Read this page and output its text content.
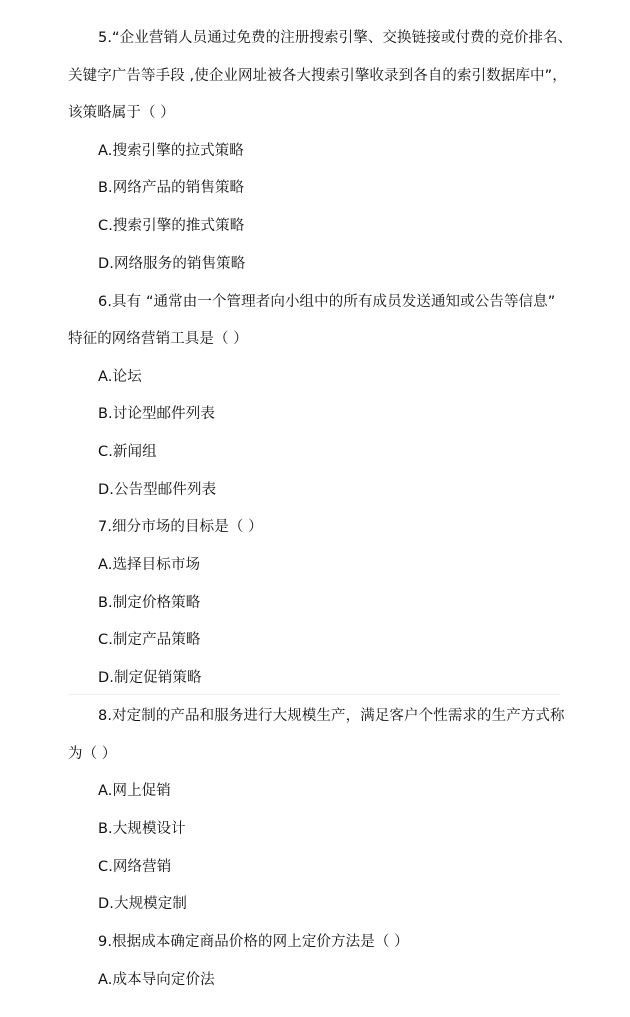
5.“企业营销人员通过免费的注册搜索引擎、交换链接或付费的竞价排名、
关键字广告等手段 ,使企业网址被各大搜索引擎收录到各自的索引数据库中”，
该策略属于（ ）
A.搜索引擎的拉式策略
B.网络产品的销售策略
C.搜索引擎的推式策略
D.网络服务的销售策略
6.具有 “通常由一个管理者向小组中的所有成员发送通知或公告等信息”
特征的网络营销工具是（ ）
A.论坛
B.讨论型邮件列表
C.新闻组
D.公告型邮件列表
7.细分市场的目标是（ ）
A.选择目标市场
B.制定价格策略
C.制定产品策略
D.制定促销策略
8.对定制的产品和服务进行大规模生产，满足客户个性需求的生产方式称
为（ ）
A.网上促销
B.大规模设计
C.网络营销
D.大规模定制
9.根据成本确定商品价格的网上定价方法是（ ）
A.成本导向定价法
